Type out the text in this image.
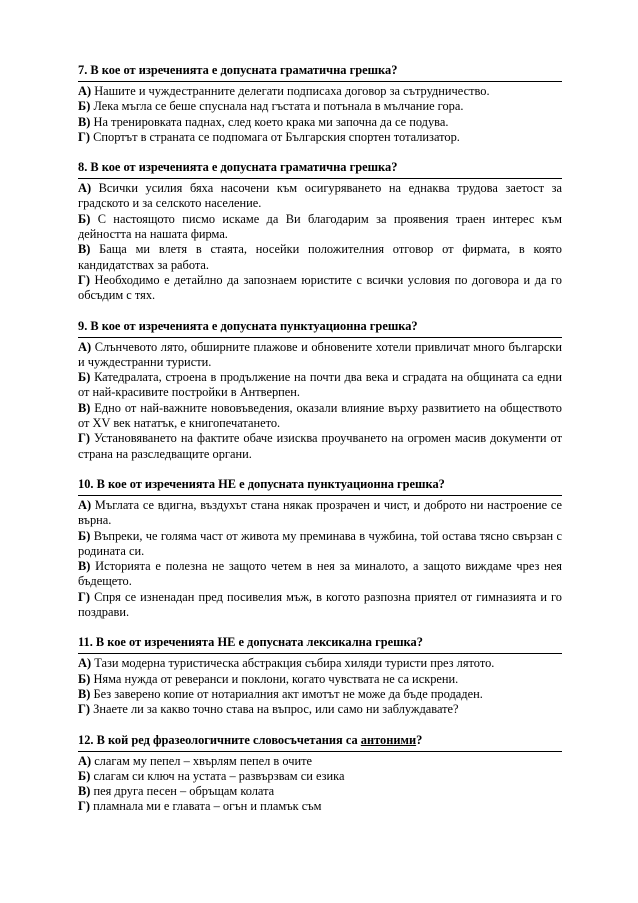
7. В кое от изреченията е допусната граматична грешка?
А) Нашите и чуждестранните делегати подписаха договор за сътрудничество.
Б) Лека мъгла се беше спуснала над гъстата и потънала в мълчание гора.
В) На тренировката паднах, след което крака ми започна да се подува.
Г) Спортът в страната се подпомага от Българския спортен тотализатор.
8. В кое от изреченията е допусната граматична грешка?
А) Всички усилия бяха насочени към осигуряването на еднаква трудова заетост за градското и за селското население.
Б) С настоящото писмо искаме да Ви благодарим за проявения траен интерес към дейността на нашата фирма.
В) Баща ми влетя в стаята, носейки положителния отговор от фирмата, в която кандидатствах за работа.
Г) Необходимо е детайлно да запознаем юристите с всички условия по договора и да го обсъдим с тях.
9. В кое от изреченията е допусната пунктуационна грешка?
А) Слънчевото лято, обширните плажове и обновените хотели привличат много български и чуждестранни туристи.
Б) Катедралата, строена в продължение на почти два века и сградата на общината са едни от най-красивите постройки в Антверпен.
В) Едно от най-важните нововъведения, оказали влияние върху развитието на обществото от XV век нататък, е книгопечатането.
Г) Установяването на фактите обаче изисква проучването на огромен масив документи от страна на разследващите органи.
10. В кое от изреченията НЕ е допусната пунктуационна грешка?
А) Мъглата се вдигна, въздухът стана някак прозрачен и чист, и доброто ни настроение се върна.
Б) Въпреки, че голяма част от живота му преминава в чужбина, той остава тясно свързан с родината си.
В) Историята е полезна не защото четем в нея за миналото, а защото виждаме чрез нея бъдещето.
Г) Спря се изненадан пред посивелия мъж, в когото разпозна приятел от гимназията и го поздрави.
11. В кое от изреченията НЕ е допусната лексикална грешка?
А) Тази модерна туристическа абстракция събира хиляди туристи през лятото.
Б) Няма нужда от реверанси и поклони, когато чувствата не са искрени.
В) Без заверено копие от нотариалния акт имотът не може да бъде продаден.
Г) Знаете ли за какво точно става на въпрос, или само ни заблуждавате?
12. В кой ред фразеологичните словосъчетания са антоними?
А) слагам му пепел – хвърлям пепел в очите
Б) слагам си ключ на устата – развързвам си езика
В) пея друга песен – обръщам колата
Г) пламнала ми е главата – огън и пламък съм
